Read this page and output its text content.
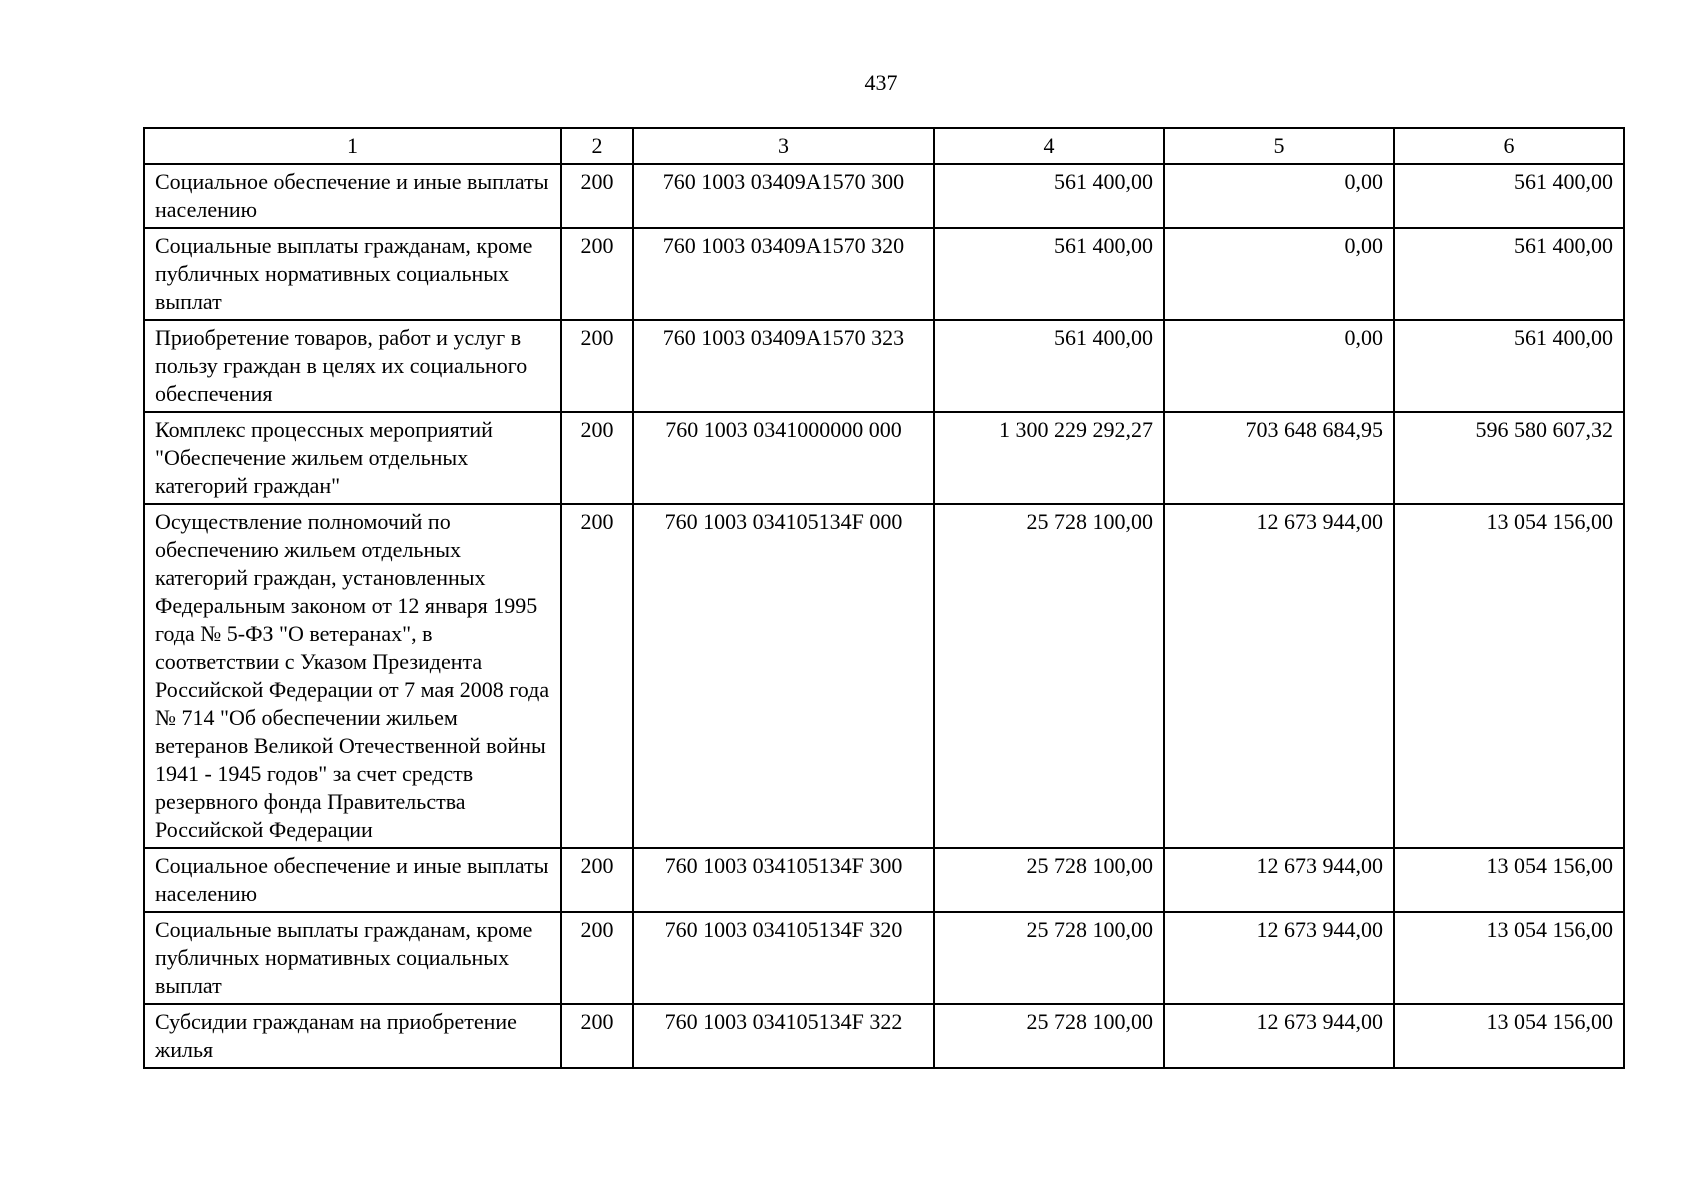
437
1	2	3	4	5	6
Социальное обеспечение и иные выплаты населению	200	760 1003 03409А1570 300	561 400,00	0,00	561 400,00
Социальные выплаты гражданам, кроме публичных нормативных социальных выплат	200	760 1003 03409А1570 320	561 400,00	0,00	561 400,00
Приобретение товаров, работ и услуг в пользу граждан в целях их социального обеспечения	200	760 1003 03409А1570 323	561 400,00	0,00	561 400,00
Комплекс процессных мероприятий "Обеспечение жильем отдельных категорий граждан"	200	760 1003 0341000000 000	1 300 229 292,27	703 648 684,95	596 580 607,32
Осуществление полномочий по обеспечению жильем отдельных категорий граждан, установленных Федеральным законом от 12 января 1995 года № 5-ФЗ "О ветеранах", в соответствии с Указом Президента Российской Федерации от 7 мая 2008 года № 714 "Об обеспечении жильем ветеранов Великой Отечественной войны 1941 - 1945 годов" за счет средств резервного фонда Правительства Российской Федерации	200	760 1003 034105134F 000	25 728 100,00	12 673 944,00	13 054 156,00
Социальное обеспечение и иные выплаты населению	200	760 1003 034105134F 300	25 728 100,00	12 673 944,00	13 054 156,00
Социальные выплаты гражданам, кроме публичных нормативных социальных выплат	200	760 1003 034105134F 320	25 728 100,00	12 673 944,00	13 054 156,00
Субсидии гражданам на приобретение жилья	200	760 1003 034105134F 322	25 728 100,00	12 673 944,00	13 054 156,00
